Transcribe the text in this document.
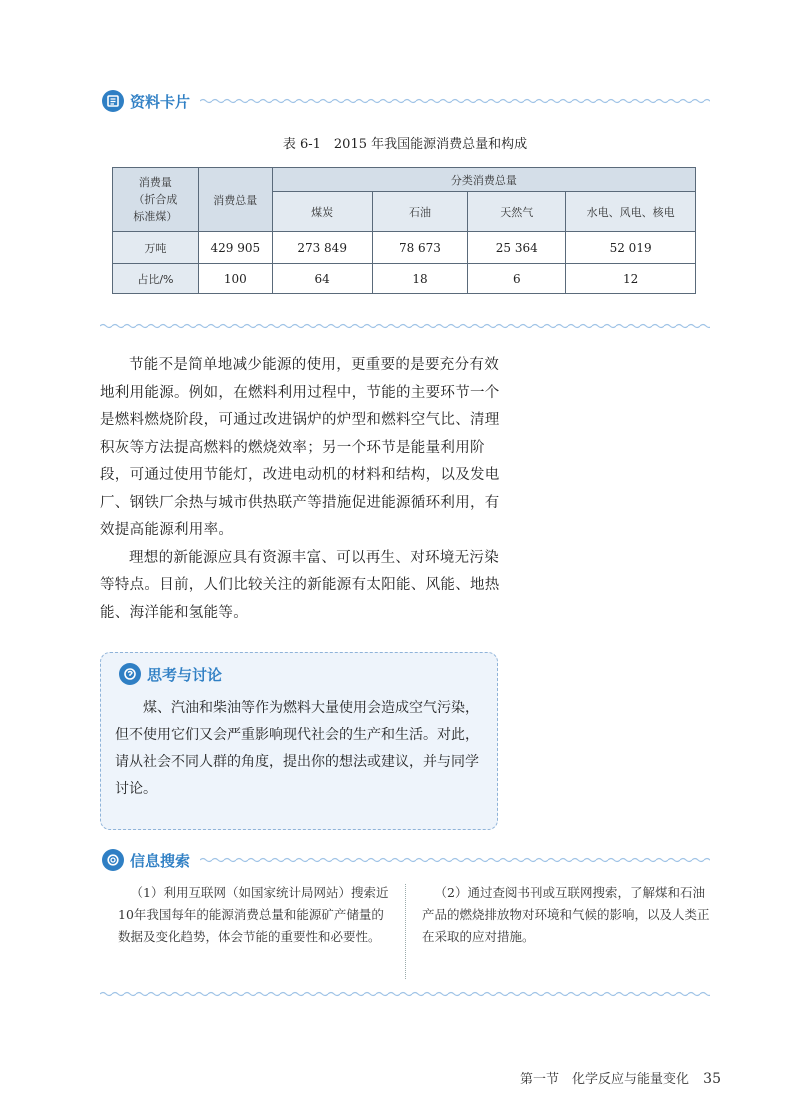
资料卡片
表 6-1　2015 年我国能源消费总量和构成
消费量
（折合成
标准煤）	消费总量	分类消费总量			
		煤炭	石油	天然气	水电、风电、核电
万吨	429 905	273 849	78 673	25 364	52 019
占比/%	100	64	18	6	12

节能不是简单地减少能源的使用，更重要的是要充分有效地利用能源。例如，在燃料利用过程中，节能的主要环节一个是燃料燃烧阶段，可通过改进锅炉的炉型和燃料空气比、清理积灰等方法提高燃料的燃烧效率；另一个环节是能量利用阶段，可通过使用节能灯，改进电动机的材料和结构，以及发电厂、钢铁厂余热与城市供热联产等措施促进能源循环利用，有效提高能源利用率。

理想的新能源应具有资源丰富、可以再生、对环境无污染等特点。目前，人们比较关注的新能源有太阳能、风能、地热能、海洋能和氢能等。

思考与讨论
煤、汽油和柴油等作为燃料大量使用会造成空气污染，但不使用它们又会严重影响现代社会的生产和生活。对此，请从社会不同人群的角度，提出你的想法或建议，并与同学讨论。
信息搜索
（1）利用互联网（如国家统计局网站）搜索近10年我国每年的能源消费总量和能源矿产储量的数据及变化趋势，体会节能的重要性和必要性。
（2）通过查阅书刊或互联网搜索，了解煤和石油产品的燃烧排放物对环境和气候的影响，以及人类正在采取的应对措施。
第一节　化学反应与能量变化 35
